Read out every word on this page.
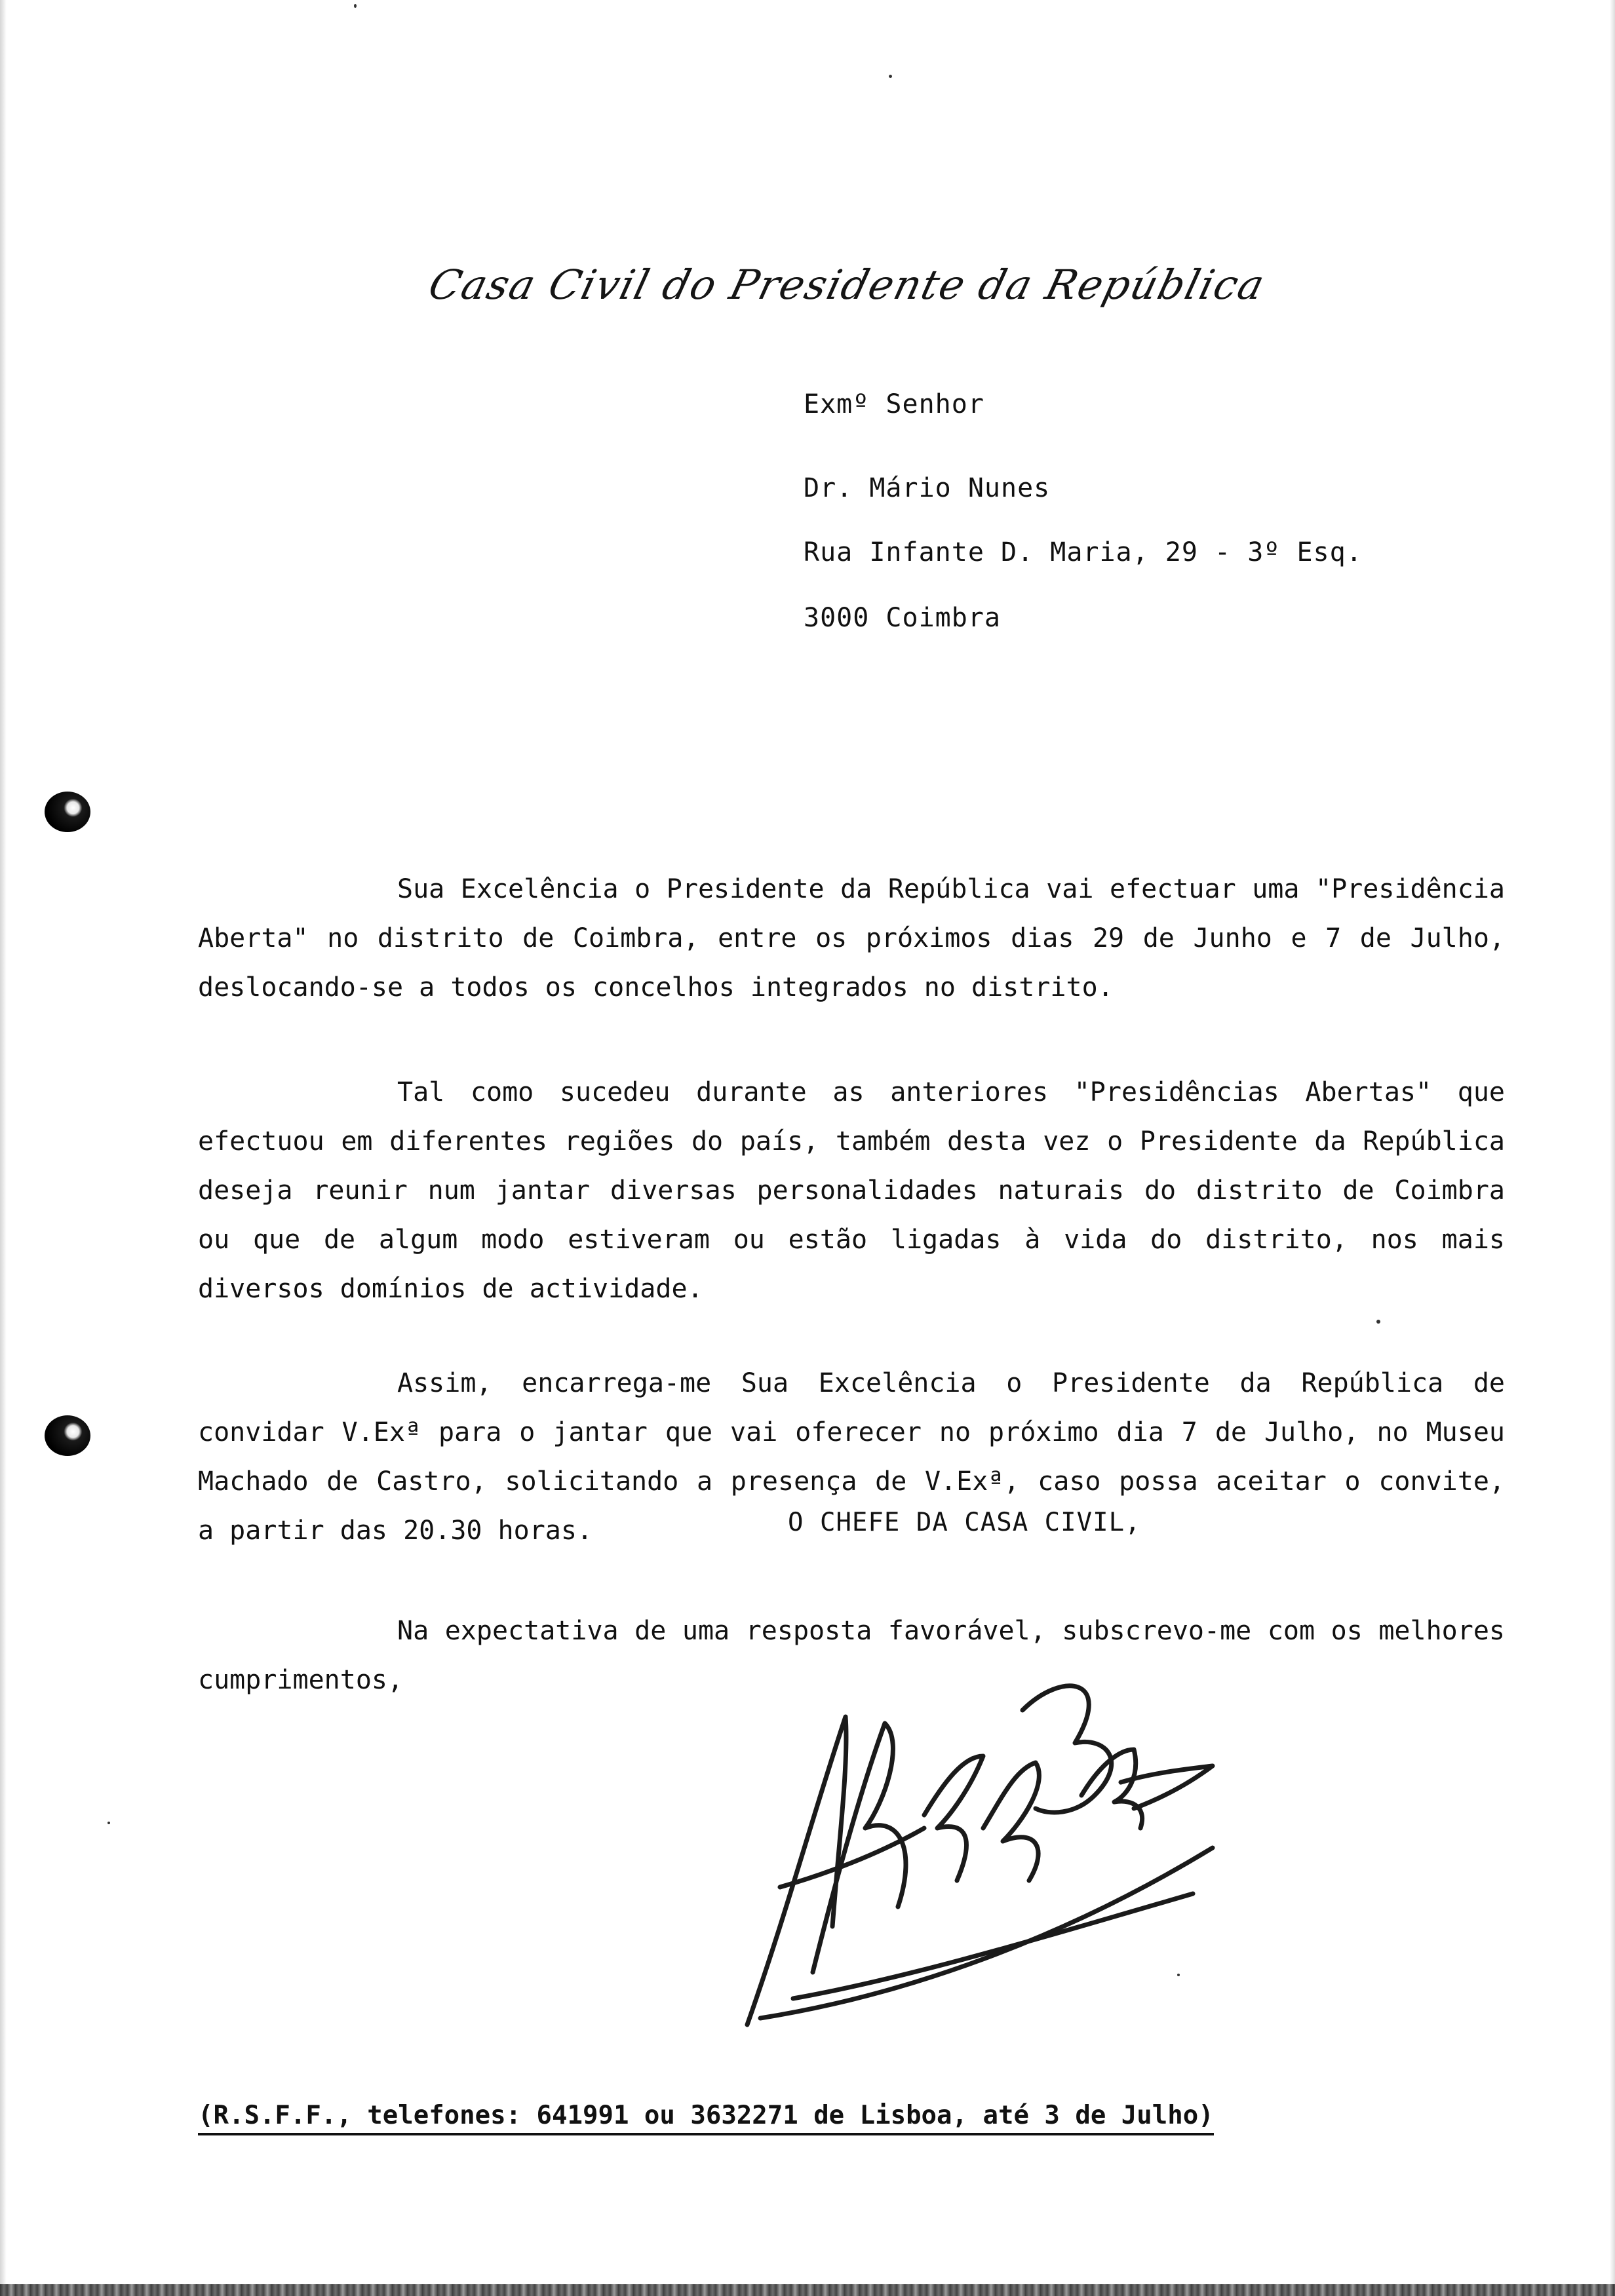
Casa Civil do Presidente da República
Exmº Senhor
Dr. Mário Nunes
Rua Infante D. Maria, 29 - 3º Esq.
3000 Coimbra

Sua Excelência o Presidente da República vai efectuar uma "Presidência Aberta" no distrito de Coimbra, entre os próximos dias 29 de Junho e 7 de Julho, deslocando-se a todos os concelhos integrados no distrito.

Tal como sucedeu durante as anteriores "Presidências Abertas" que efectuou em diferentes regiões do país, também desta vez o Presidente da República deseja reunir num jantar diversas personalidades naturais do distrito de Coimbra ou que de algum modo estiveram ou estão ligadas à vida do distrito, nos mais diversos domínios de actividade.

Assim, encarrega-me Sua Excelência o Presidente da República de convidar V.Exª para o jantar que vai oferecer no próximo dia 7 de Julho, no Museu Machado de Castro, solicitando a presença de V.Exª, caso possa aceitar o convite, a partir das 20.30 horas.

Na expectativa de uma resposta favorável, subscrevo-me com os melhores cumprimentos,

O CHEFE DA CASA CIVIL,
(R.S.F.F., telefones: 641991 ou 3632271 de Lisboa, até 3 de Julho)
